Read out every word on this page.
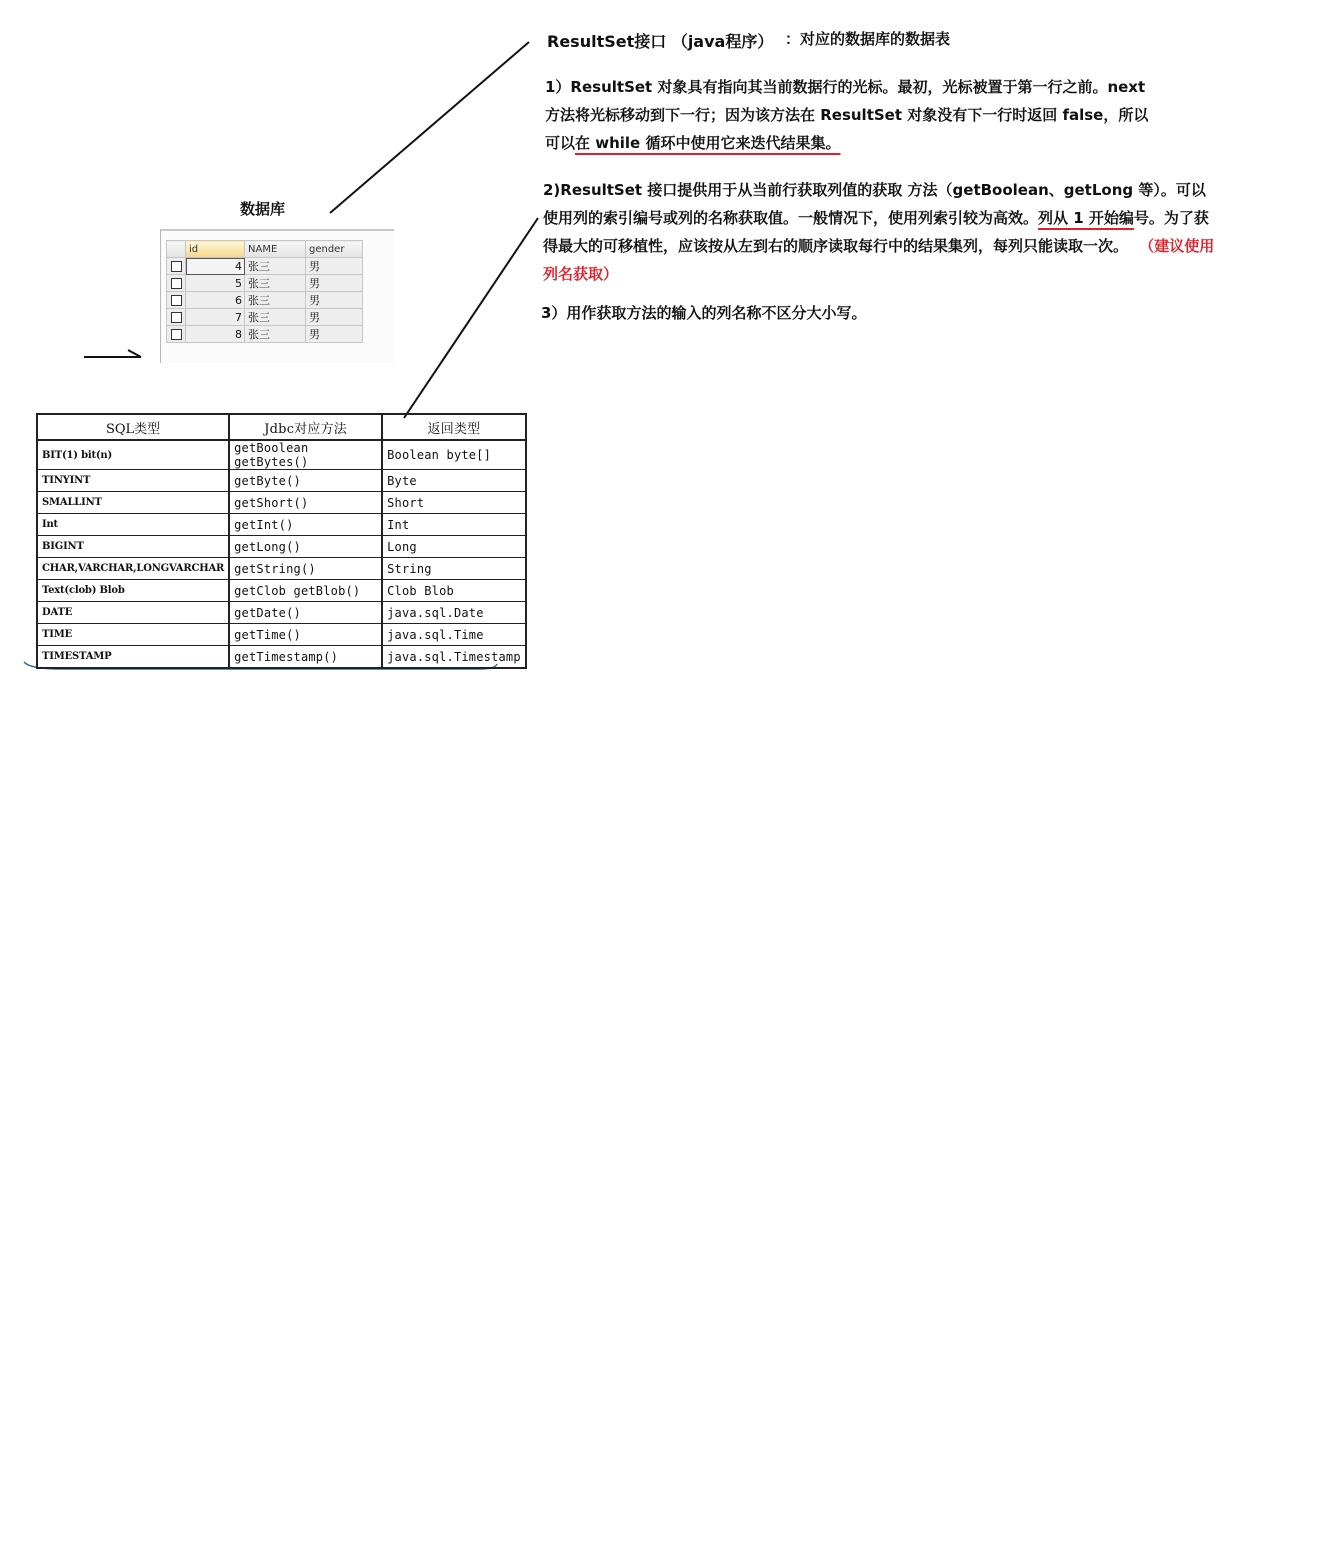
ResultSet接口 （java程序） ：对应的数据库的数据表
1）ResultSet 对象具有指向其当前数据行的光标。最初，光标被置于第一行之前。next 方法将光标移动到下一行；因为该方法在 ResultSet 对象没有下一行时返回 false，所以可以在 while 循环中使用它来迭代结果集。
2)ResultSet 接口提供用于从当前行获取列值的获取 方法（getBoolean、getLong 等）。可以使用列的索引编号或列的名称获取值。一般情况下，使用列索引较为高效。列从 1 开始编号。为了获得最大的可移植性，应该按从左到右的顺序读取每行中的结果集列，每列只能读取一次。 （建议使用列名获取）
3）用作获取方法的输入的列名称不区分大小写。
数据库
	id	NAME	gender
	4	张三	男
	5	张三	男
	6	张三	男
	7	张三	男
	8	张三	男
SQL类型	Jdbc对应方法	返回类型
BIT(1) bit(n)	getBoolean getBytes()	Boolean byte[]
TINYINT	getByte()	Byte
SMALLINT	getShort()	Short
Int	getInt()	Int
BIGINT	getLong()	Long
CHAR,VARCHAR,LONGVARCHAR	getString()	String
Text(clob) Blob	getClob getBlob()	Clob Blob
DATE	getDate()	java.sql.Date
TIME	getTime()	java.sql.Time
TIMESTAMP	getTimestamp()	java.sql.Timestamp
